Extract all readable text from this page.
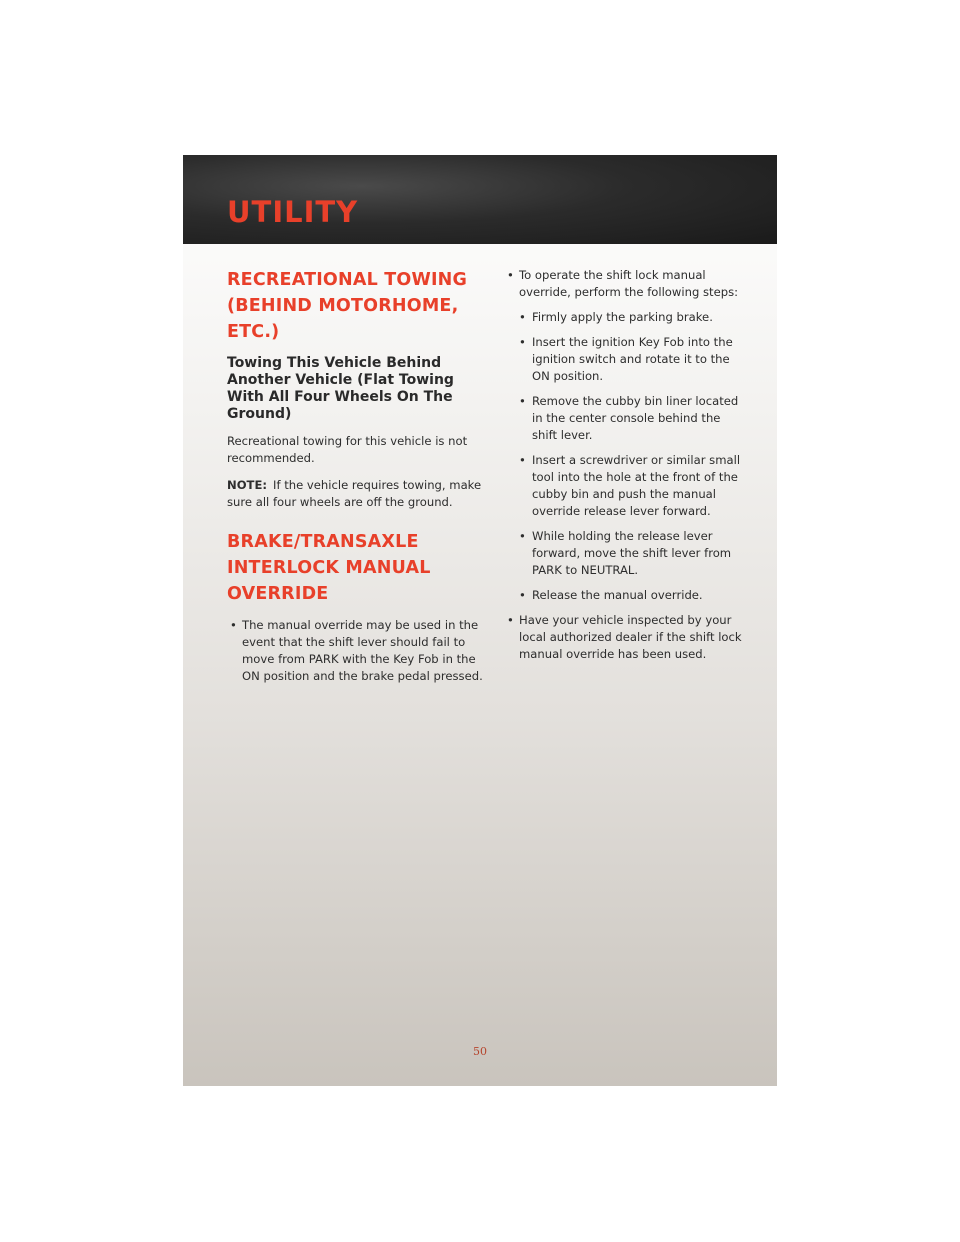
UTILITY
RECREATIONAL TOWING (BEHIND MOTORHOME, ETC.)
Towing This Vehicle Behind Another Vehicle (Flat Towing With All Four Wheels On The Ground)

Recreational towing for this vehicle is not recommended.

NOTE: If the vehicle requires towing, make sure all four wheels are off the ground.

BRAKE/TRANSAXLE INTERLOCK MANUAL OVERRIDE
• The manual override may be used in the event that the shift lever should fail to move from PARK with the Key Fob in the ON position and the brake pedal pressed.
• To operate the shift lock manual override, perform the following steps:
• Firmly apply the parking brake.
• Insert the ignition Key Fob into the ignition switch and rotate it to the ON position.
• Remove the cubby bin liner located in the center console behind the shift lever.
• Insert a screwdriver or similar small tool into the hole at the front of the cubby bin and push the manual override release lever forward.
• While holding the release lever forward, move the shift lever from PARK to NEUTRAL.
• Release the manual override.
• Have your vehicle inspected by your local authorized dealer if the shift lock manual override has been used.
50
